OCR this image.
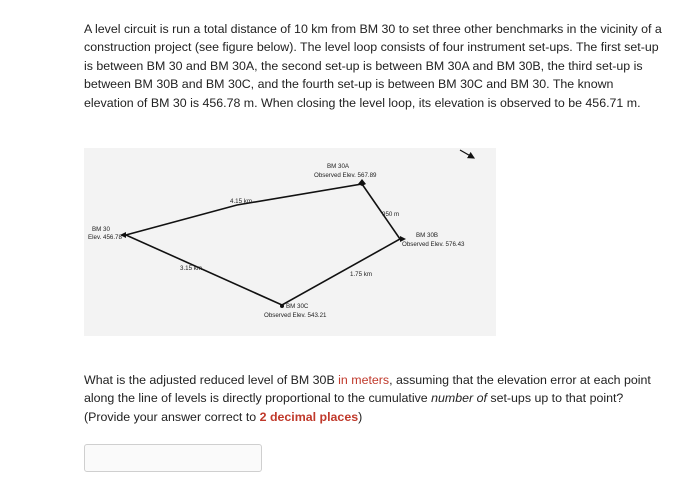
A level circuit is run a total distance of 10 km from BM 30 to set three other benchmarks in the vicinity of a construction project (see figure below). The level loop consists of four instrument set-ups. The first set-up is between BM 30 and BM 30A, the second set-up is between BM 30A and BM 30B, the third set-up is between BM 30B and BM 30C, and the fourth set-up is between BM 30C and BM 30. The known elevation of BM 30 is 456.78 m. When closing the level loop, its elevation is observed to be 456.71 m.

BM 30
Elev. 456.78
BM 30A
Observed Elev. 567.89
BM 30B
Observed Elev. 576.43
BM 30C
Observed Elev. 543.21
4.15 km
950 m
1.75 km
3.15 km

What is the adjusted reduced level of BM 30B in meters, assuming that the elevation error at each point along the line of levels is directly proportional to the cumulative number of set-ups up to that point? (Provide your answer correct to 2 decimal places)
